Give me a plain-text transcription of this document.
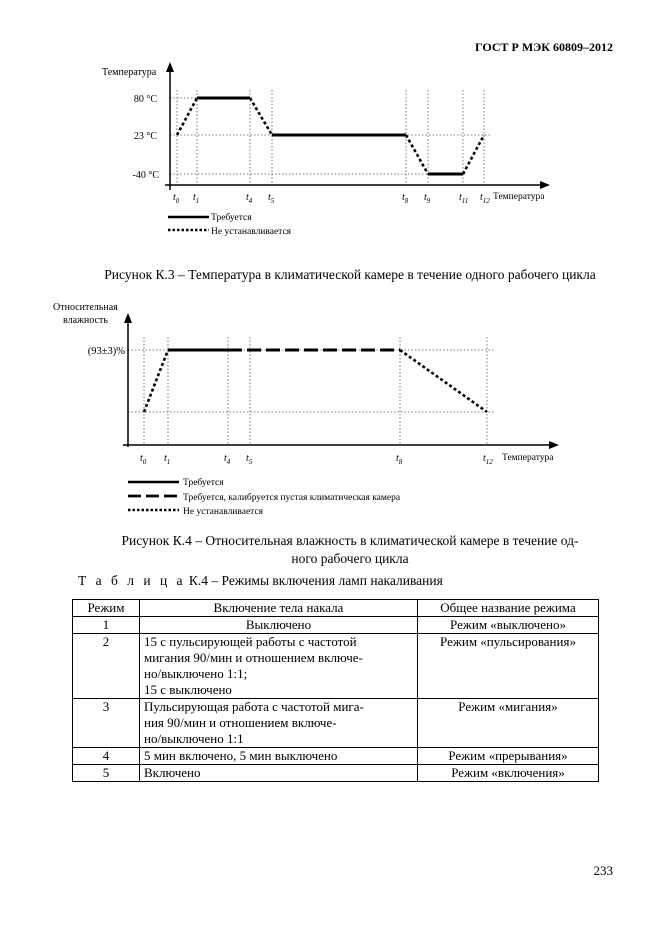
ГОСТ Р МЭК 60809–2012
Температура
80 °C
23 °C
-40 °C
$t_0$ $t_1$	$t_4$ $t_5$	$t_8$ $t_9$	$t_{11}$ $t_{12}$ Температура
Требуется
Не устанавливается
Рисунок К.3 – Температура в климатической камере в течение одного рабочего цикла
Относительная
влажность
(93±3)%
$t_0$ $t_1$	$t_4$ $t_5$	$t_8$	$t_{12}$ Температура
Требуется
Требуется, калибруется пустая климатическая камера
Не устанавливается
Рисунок К.4 – Относительная влажность в климатической камере в течение од-
ного рабочего цикла
Т а б л и ц а К.4 – Режимы включения ламп накаливания
Режим	Включение тела накала	Общее название режима
1	Выключено	Режим «выключено»
2	15 с пульсирующей работы с частотой
мигания 90/мин и отношением включе-
но/выключено 1:1;
15 с выключено	Режим «пульсирования»
3	Пульсирующая работа с частотой мига-
ния 90/мин и отношением включе-
но/выключено 1:1	Режим «мигания»
4	5 мин включено, 5 мин выключено	Режим «прерывания»
5	Включено	Режим «включения»
233
